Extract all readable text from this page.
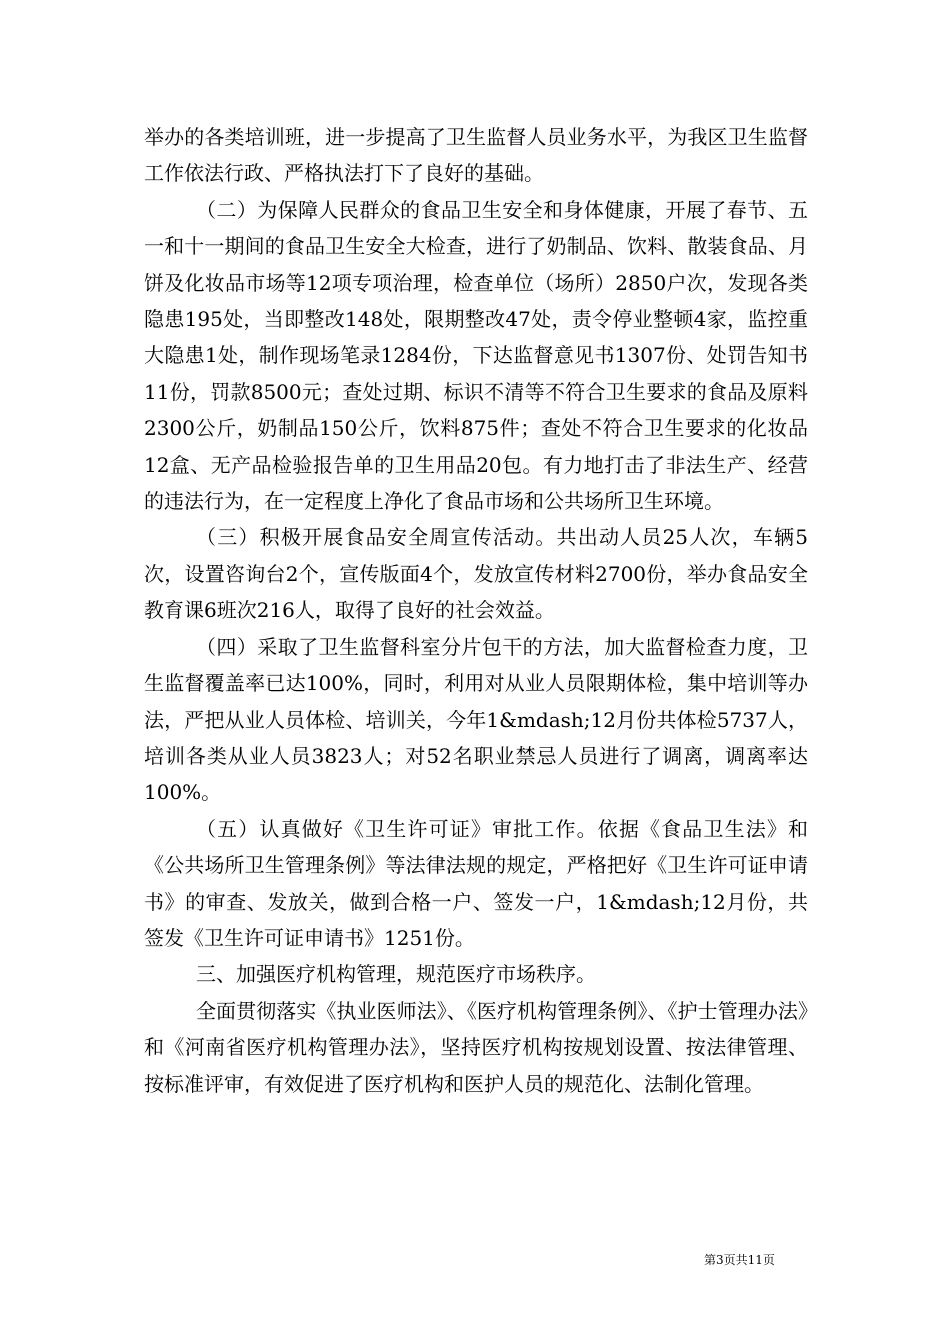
举办的各类培训班，进一步提高了卫生监督人员业务水平，为我区卫生监督工作依法行政、严格执法打下了良好的基础。

（二）为保障人民群众的食品卫生安全和身体健康，开展了春节、五一和十一期间的食品卫生安全大检查，进行了奶制品、饮料、散装食品、月饼及化妆品市场等12项专项治理，检查单位（场所）2850户次，发现各类隐患195处，当即整改148处，限期整改47处，责令停业整顿4家，监控重大隐患1处，制作现场笔录1284份，下达监督意见书1307份、处罚告知书11份，罚款8500元；查处过期、标识不清等不符合卫生要求的食品及原料2300公斤，奶制品150公斤，饮料875件；查处不符合卫生要求的化妆品12盒、无产品检验报告单的卫生用品20包。有力地打击了非法生产、经营的违法行为，在一定程度上净化了食品市场和公共场所卫生环境。

（三）积极开展食品安全周宣传活动。共出动人员25人次，车辆5次，设置咨询台2个，宣传版面4个，发放宣传材料2700份，举办食品安全教育课6班次216人，取得了良好的社会效益。

（四）采取了卫生监督科室分片包干的方法，加大监督检查力度，卫生监督覆盖率已达100%，同时，利用对从业人员限期体检，集中培训等办法，严把从业人员体检、培训关，今年1&mdash;12月份共体检5737人，培训各类从业人员3823人；对52名职业禁忌人员进行了调离，调离率达100%。

（五）认真做好《卫生许可证》审批工作。依据《食品卫生法》和《公共场所卫生管理条例》等法律法规的规定，严格把好《卫生许可证申请书》的审查、发放关，做到合格一户、签发一户，1&mdash;12月份，共签发《卫生许可证申请书》1251份。

三、加强医疗机构管理，规范医疗市场秩序。

全面贯彻落实《执业医师法》、《医疗机构管理条例》、《护士管理办法》和《河南省医疗机构管理办法》，坚持医疗机构按规划设置、按法律管理、按标准评审，有效促进了医疗机构和医护人员的规范化、法制化管理。

第3页共11页
